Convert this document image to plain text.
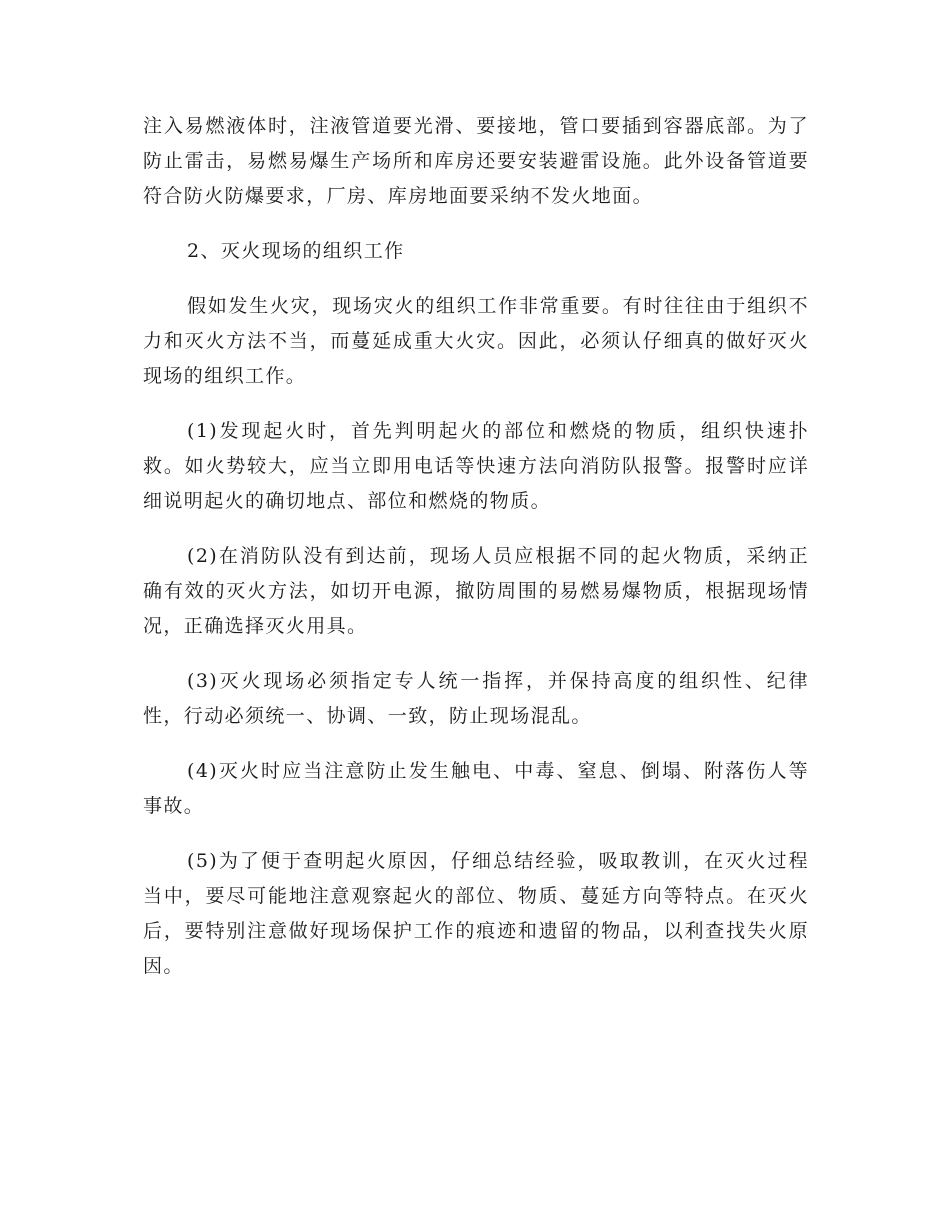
注入易燃液体时，注液管道要光滑、要接地，管口要插到容器底部。为了防止雷击，易燃易爆生产场所和库房还要安装避雷设施。此外设备管道要符合防火防爆要求，厂房、库房地面要采纳不发火地面。

2、灭火现场的组织工作

假如发生火灾，现场灾火的组织工作非常重要。有时往往由于组织不力和灭火方法不当，而蔓延成重大火灾。因此，必须认仔细真的做好灭火现场的组织工作。

(1)发现起火时，首先判明起火的部位和燃烧的物质，组织快速扑救。如火势较大，应当立即用电话等快速方法向消防队报警。报警时应详细说明起火的确切地点、部位和燃烧的物质。

(2)在消防队没有到达前，现场人员应根据不同的起火物质，采纳正确有效的灭火方法，如切开电源，撤防周围的易燃易爆物质，根据现场情况，正确选择灭火用具。

(3)灭火现场必须指定专人统一指挥，并保持高度的组织性、纪律性，行动必须统一、协调、一致，防止现场混乱。

(4)灭火时应当注意防止发生触电、中毒、窒息、倒塌、附落伤人等事故。

(5)为了便于查明起火原因，仔细总结经验，吸取教训，在灭火过程当中，要尽可能地注意观察起火的部位、物质、蔓延方向等特点。在灭火后，要特别注意做好现场保护工作的痕迹和遗留的物品，以利查找失火原因。
